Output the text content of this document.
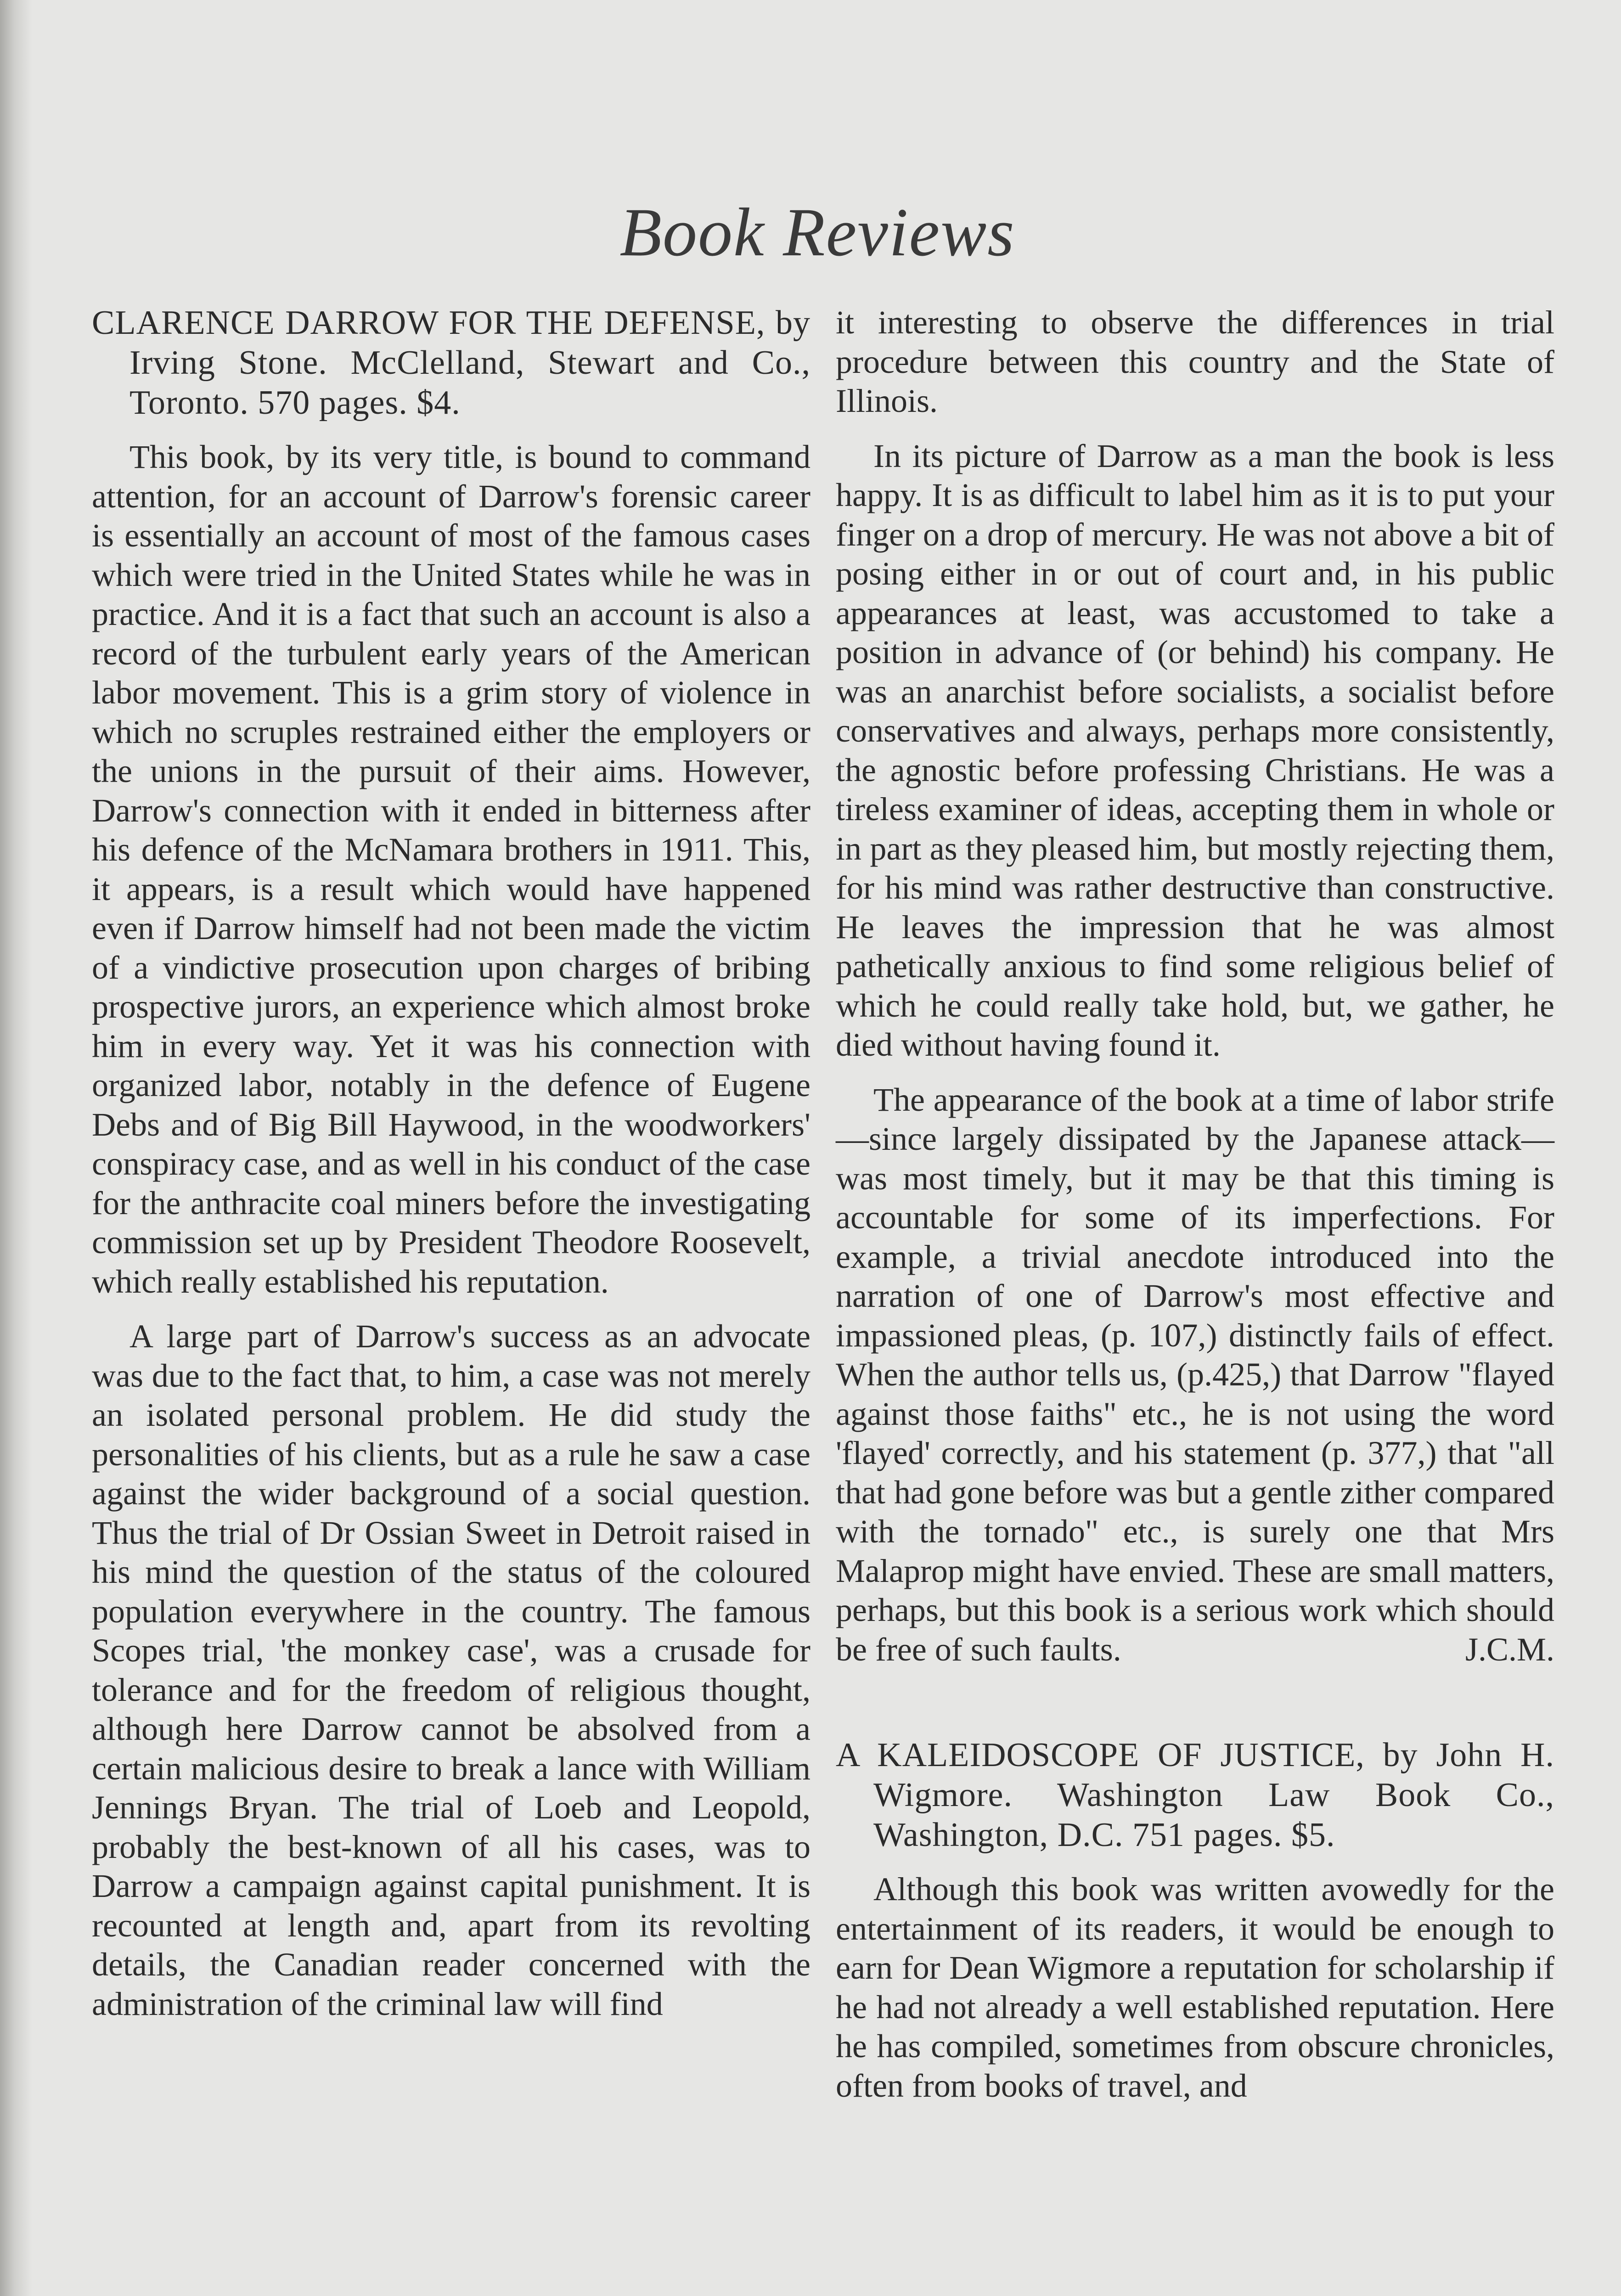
Book Reviews
CLARENCE DARROW FOR THE DEFENSE, by Irving Stone. McClelland, Stewart and Co., Toronto. 570 pages. $4.

This book, by its very title, is bound to command attention, for an account of Darrow's forensic career is essentially an account of most of the famous cases which were tried in the United States while he was in practice. And it is a fact that such an account is also a record of the turbulent early years of the American labor movement. This is a grim story of violence in which no scruples restrained either the employers or the unions in the pursuit of their aims. However, Darrow's connection with it ended in bitterness after his defence of the McNamara brothers in 1911. This, it appears, is a result which would have happened even if Darrow himself had not been made the victim of a vindictive prosecution upon charges of bribing prospective jurors, an experience which almost broke him in every way. Yet it was his connection with organized labor, notably in the defence of Eugene Debs and of Big Bill Haywood, in the woodworkers' conspiracy case, and as well in his conduct of the case for the anthracite coal miners before the investigating commission set up by President Theodore Roosevelt, which really established his reputation.

A large part of Darrow's success as an advocate was due to the fact that, to him, a case was not merely an isolated personal problem. He did study the personalities of his clients, but as a rule he saw a case against the wider background of a social question. Thus the trial of Dr Ossian Sweet in Detroit raised in his mind the question of the status of the coloured population everywhere in the country. The famous Scopes trial, 'the monkey case', was a crusade for tolerance and for the freedom of religious thought, although here Darrow cannot be absolved from a certain malicious desire to break a lance with William Jennings Bryan. The trial of Loeb and Leopold, probably the best-known of all his cases, was to Darrow a campaign against capital punishment. It is recounted at length and, apart from its revolting details, the Canadian reader concerned with the administration of the criminal law will find

it interesting to observe the differences in trial procedure between this country and the State of Illinois.

In its picture of Darrow as a man the book is less happy. It is as difficult to label him as it is to put your finger on a drop of mercury. He was not above a bit of posing either in or out of court and, in his public appearances at least, was accustomed to take a position in advance of (or behind) his company. He was an anarchist before socialists, a socialist before conservatives and always, perhaps more consistently, the agnostic before professing Christians. He was a tireless examiner of ideas, accepting them in whole or in part as they pleased him, but mostly rejecting them, for his mind was rather destructive than constructive. He leaves the impression that he was almost pathetically anxious to find some religious belief of which he could really take hold, but, we gather, he died without having found it.

The appearance of the book at a time of labor strife—since largely dissipated by the Japanese attack—was most timely, but it may be that this timing is accountable for some of its imperfections. For example, a trivial anecdote introduced into the narration of one of Darrow's most effective and impassioned pleas, (p. 107,) distinctly fails of effect. When the author tells us, (p.425,) that Darrow "flayed against those faiths" etc., he is not using the word 'flayed' correctly, and his statement (p. 377,) that "all that had gone before was but a gentle zither compared with the tornado" etc., is surely one that Mrs Malaprop might have envied. These are small matters, perhaps, but this book is a serious work which should be free of such faults.	J.C.M.

A KALEIDOSCOPE OF JUSTICE, by John H. Wigmore. Washington Law Book Co., Washington, D.C. 751 pages. $5.

Although this book was written avowedly for the entertainment of its readers, it would be enough to earn for Dean Wigmore a reputation for scholarship if he had not already a well established reputation. Here he has compiled, sometimes from obscure chronicles, often from books of travel, and
